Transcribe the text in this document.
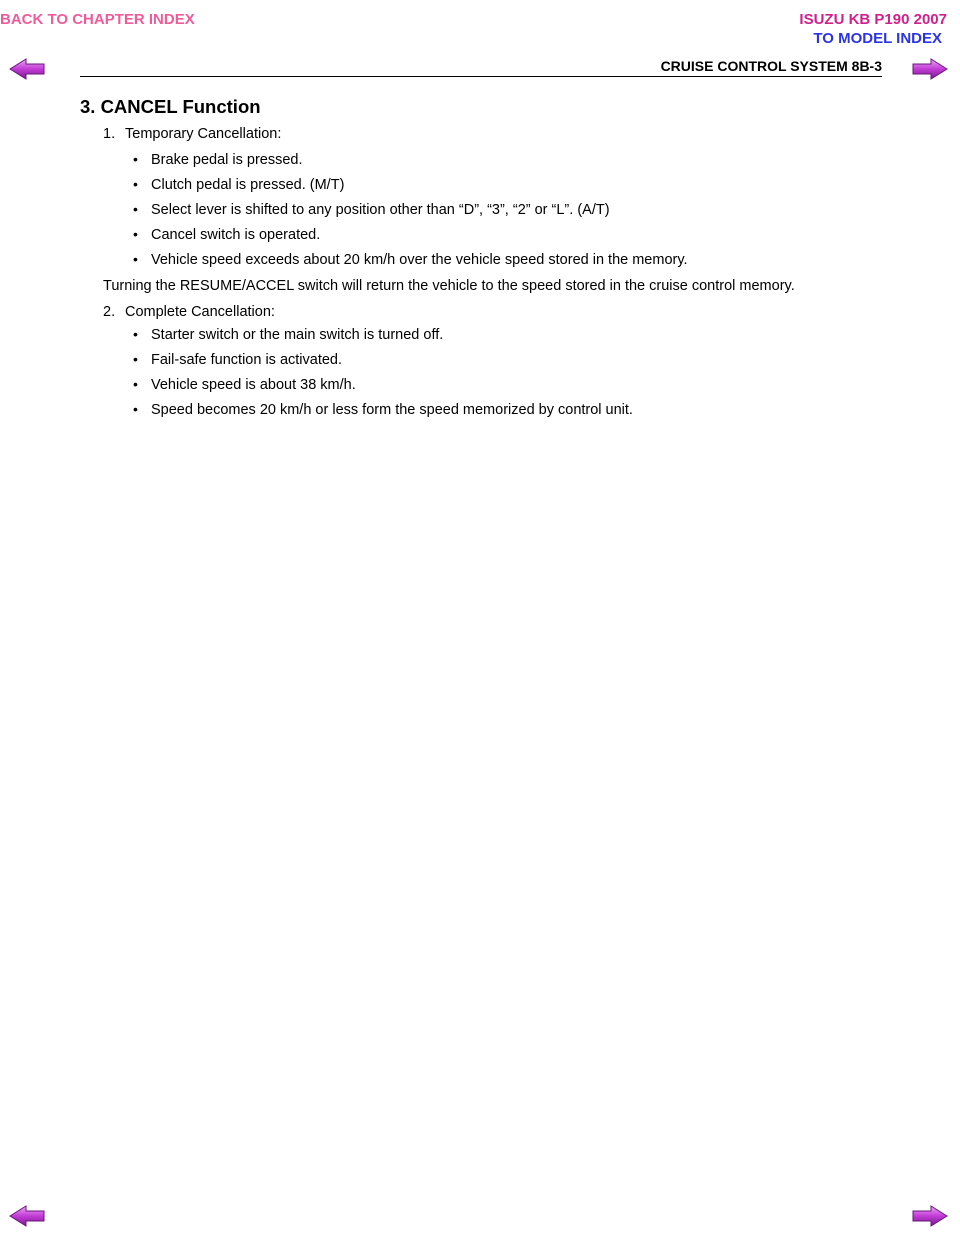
BACK TO CHAPTER INDEX	ISUZU KB P190 2007
TO MODEL INDEX
CRUISE CONTROL SYSTEM 8B-3
3. CANCEL Function
1. Temporary Cancellation:
• Brake pedal is pressed.
• Clutch pedal is pressed. (M/T)
• Select lever is shifted to any position other than “D”, “3”, “2” or “L”. (A/T)
• Cancel switch is operated.
• Vehicle speed exceeds about 20 km/h over the vehicle speed stored in the memory.
Turning the RESUME/ACCEL switch will return the vehicle to the speed stored in the cruise control memory.
2. Complete Cancellation:
• Starter switch or the main switch is turned off.
• Fail-safe function is activated.
• Vehicle speed is about 38 km/h.
• Speed becomes 20 km/h or less form the speed memorized by control unit.
